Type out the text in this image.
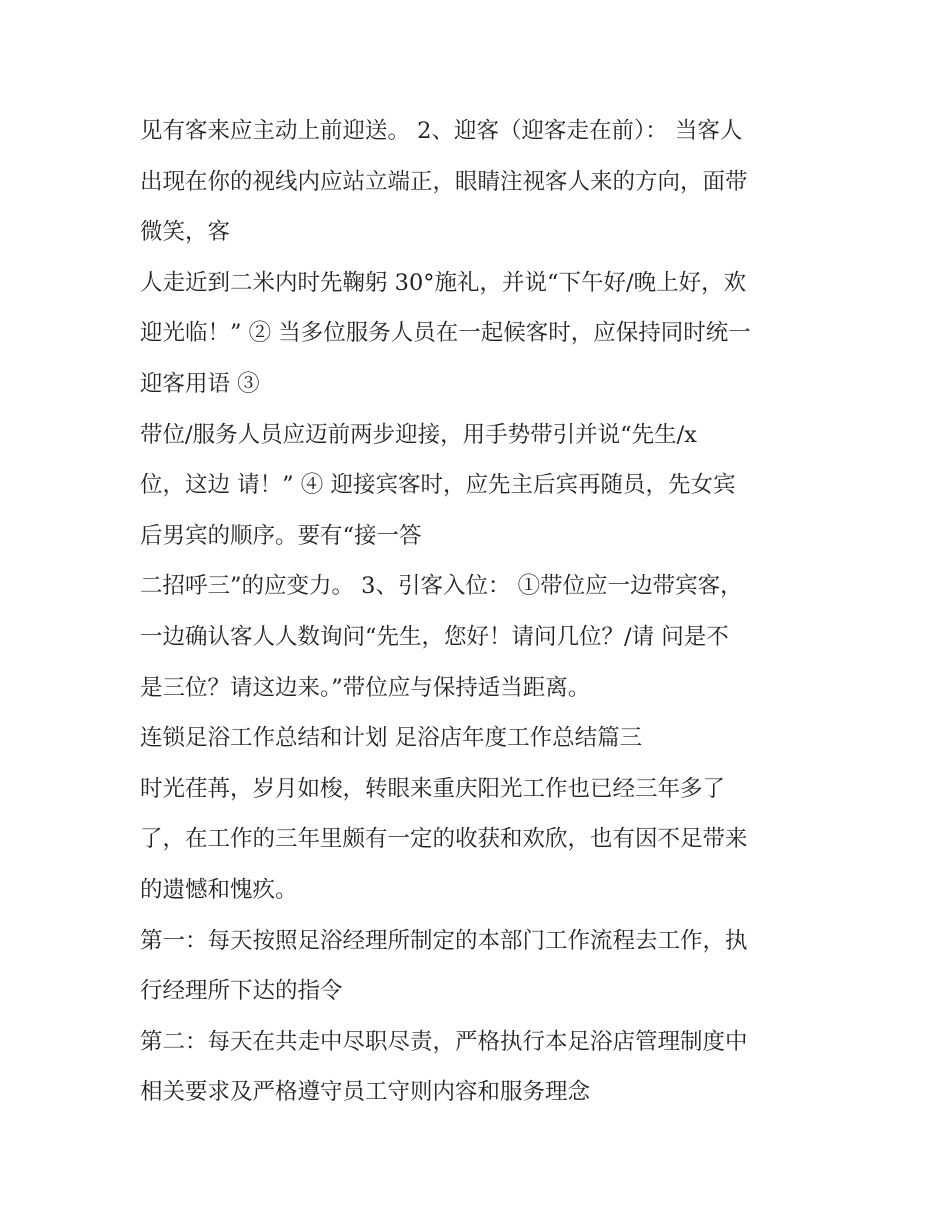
见有客来应主动上前迎送。 2、迎客（迎客走在前）： 当客人

出现在你的视线内应站立端正，眼睛注视客人来的方向，面带

微笑，客

人走近到二米内时先鞠躬 30°施礼，并说“下午好/晚上好，欢

迎光临！” ② 当多位服务人员在一起候客时，应保持同时统一

迎客用语 ③

带位/服务人员应迈前两步迎接，用手势带引并说“先生/x

位，这边 请！” ④ 迎接宾客时，应先主后宾再随员，先女宾

后男宾的顺序。要有“接一答

二招呼三”的应变力。 3、引客入位： ①带位应一边带宾客，

一边确认客人人数询问“先生，您好！请问几位？/请 问是不

是三位？请这边来。”带位应与保持适当距离。

连锁足浴工作总结和计划 足浴店年度工作总结篇三

时光荏苒，岁月如梭，转眼来重庆阳光工作也已经三年多了

了，在工作的三年里颇有一定的收获和欢欣，也有因不足带来

的遗憾和愧疚。

第一：每天按照足浴经理所制定的本部门工作流程去工作，执

行经理所下达的指令

第二：每天在共走中尽职尽责，严格执行本足浴店管理制度中

相关要求及严格遵守员工守则内容和服务理念
